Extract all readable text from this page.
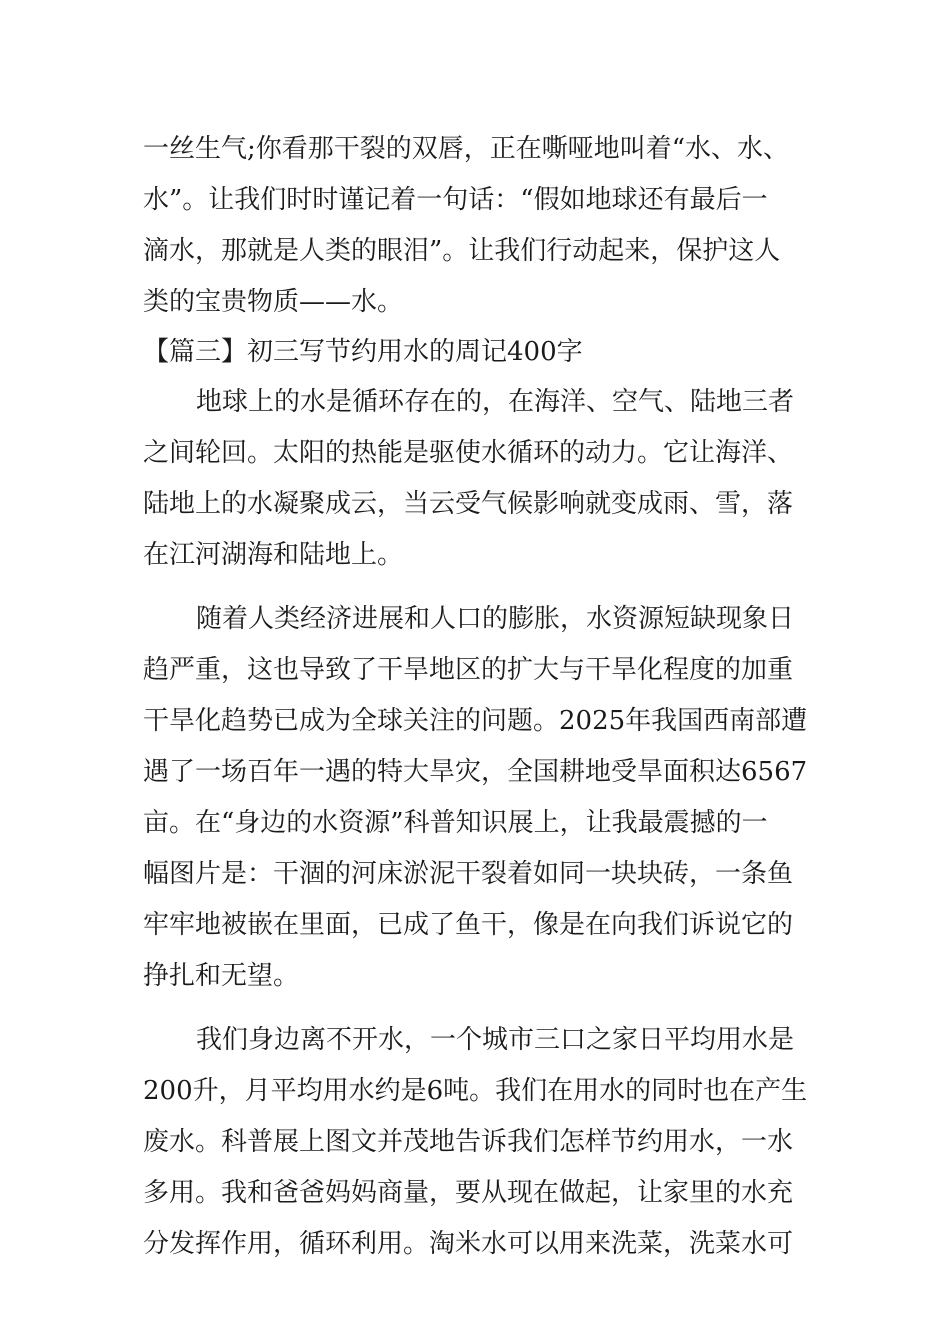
一丝生气;你看那干裂的双唇，正在嘶哑地叫着“水、水、
水”。让我们时时谨记着一句话：“假如地球还有最后一
滴水，那就是人类的眼泪”。让我们行动起来，保护这人
类的宝贵物质——水。
【篇三】初三写节约用水的周记400字
地球上的水是循环存在的，在海洋、空气、陆地三者
之间轮回。太阳的热能是驱使水循环的动力。它让海洋、
陆地上的水凝聚成云，当云受气候影响就变成雨、雪，落
在江河湖海和陆地上。
随着人类经济进展和人口的膨胀，水资源短缺现象日
趋严重，这也导致了干旱地区的扩大与干旱化程度的加重
干旱化趋势已成为全球关注的问题。2025年我国西南部遭
遇了一场百年一遇的特大旱灾，全国耕地受旱面积达6567
亩。在“身边的水资源”科普知识展上，让我最震撼的一
幅图片是：干涸的河床淤泥干裂着如同一块块砖，一条鱼
牢牢地被嵌在里面，已成了鱼干，像是在向我们诉说它的
挣扎和无望。
我们身边离不开水，一个城市三口之家日平均用水是
200升，月平均用水约是6吨。我们在用水的同时也在产生
废水。科普展上图文并茂地告诉我们怎样节约用水，一水
多用。我和爸爸妈妈商量，要从现在做起，让家里的水充
分发挥作用，循环利用。淘米水可以用来洗菜，洗菜水可
